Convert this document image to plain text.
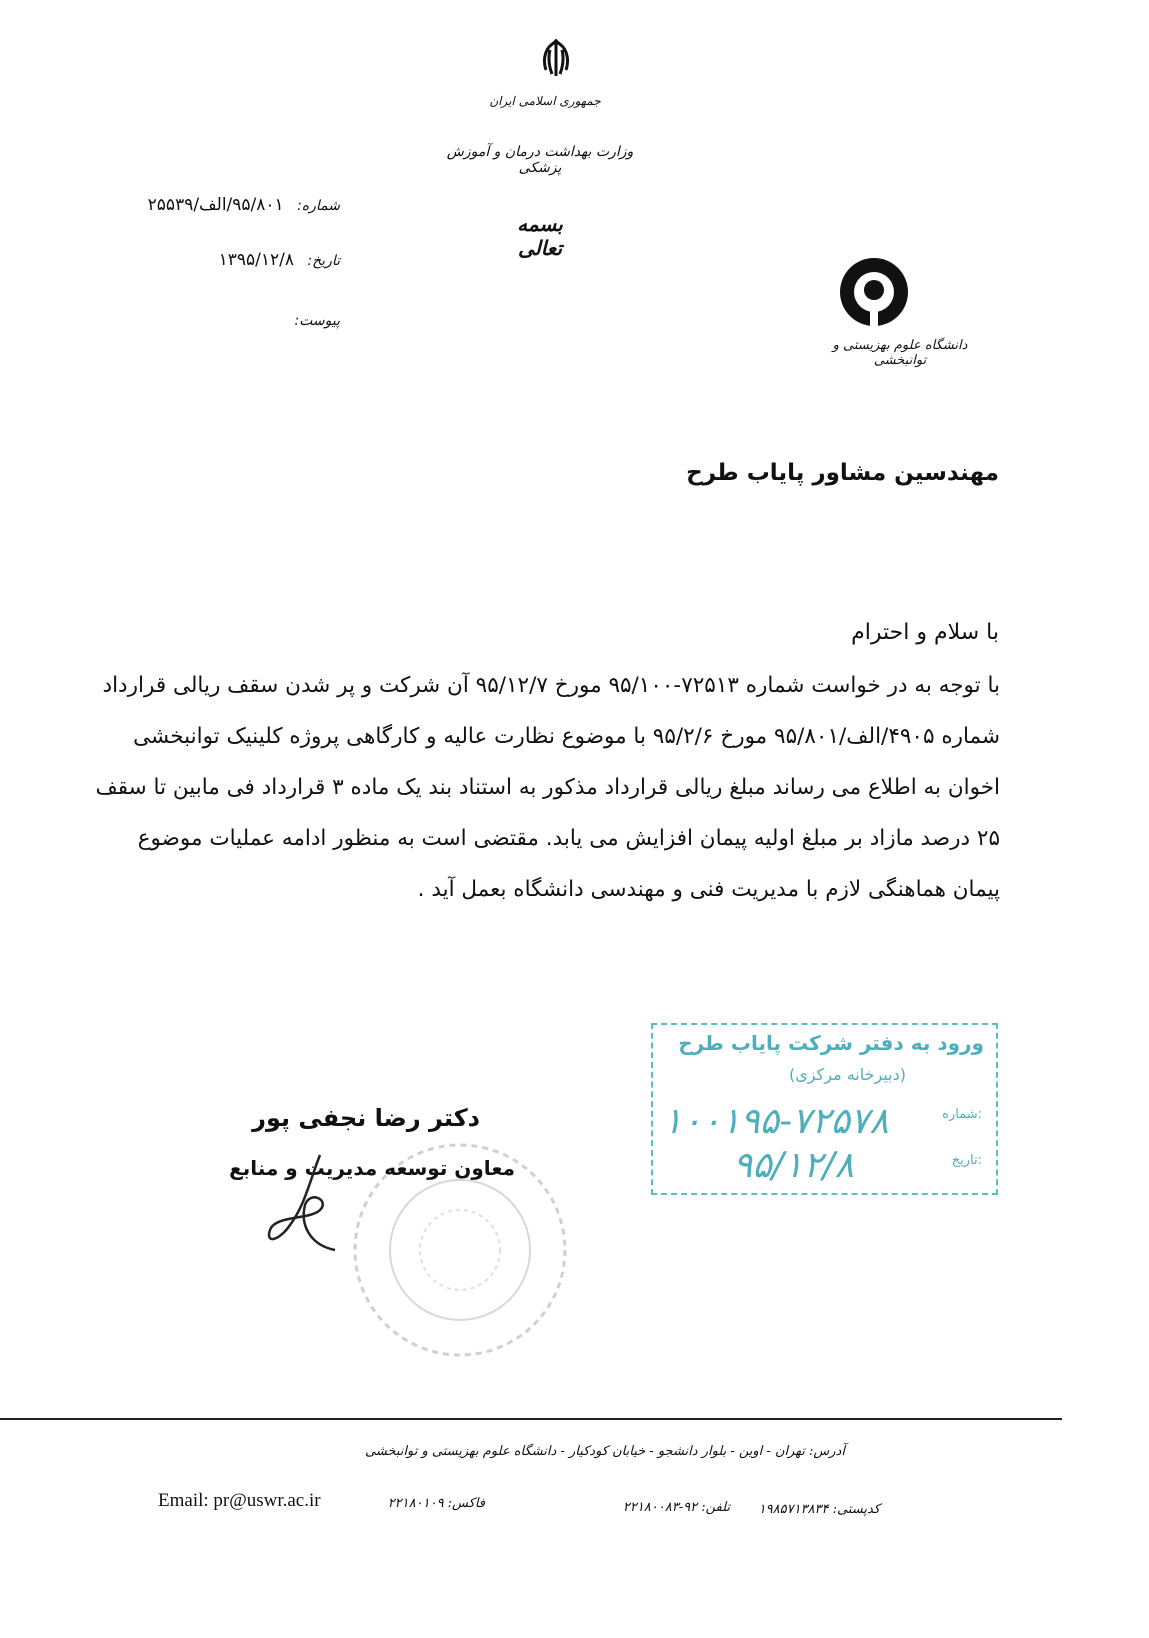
جمهوری اسلامی ایران
وزارت بهداشت درمان و آموزش پزشکی
بسمه تعالی
دانشگاه علوم بهزیستی و توانبخشی
شماره: ۹۵/۸۰۱/الف/۲۵۵۳۹
تاریخ: ۱۳۹۵/۱۲/۸
پیوست:
مهندسین مشاور پایاب طرح
با سلام و احترام

با توجه به در خواست شماره ۷۲۵۱۳-۹۵/۱۰۰ مورخ ۹۵/۱۲/۷ آن شرکت و پر شدن سقف ریالی قرارداد شماره ۴۹۰۵/الف/۹۵/۸۰۱ مورخ ۹۵/۲/۶ با موضوع نظارت عالیه و کارگاهی پروژه کلینیک توانبخشی اخوان به اطلاع می رساند مبلغ ریالی قرارداد مذکور به استناد بند یک ماده ۳ قرارداد فی مابین تا سقف ۲۵ درصد مازاد بر مبلغ اولیه پیمان افزایش می یابد. مقتضی است به منظور ادامه عملیات موضوع پیمان هماهنگی لازم با مدیریت فنی و مهندسی دانشگاه بعمل آید .

دکتر رضا نجفی پور
معاون توسعه مدیریت و منابع
ورود به دفتر شرکت پایاب طرح
(دبیرخانه مرکزی)
شماره:
۱۰۰۱۹۵-۷۲۵۷۸
تاریخ:
۹۵/۱۲/۸
آدرس: تهران - اوین - بلوار دانشجو - خیابان کودکیار - دانشگاه علوم بهزیستی و توانبخشی
Email: pr@uswr.ac.ir	فاکس: ۲۲۱۸۰۱۰۹	تلفن: ۹۲-۲۲۱۸۰۰۸۳	کدپستی: ۱۹۸۵۷۱۳۸۳۴
